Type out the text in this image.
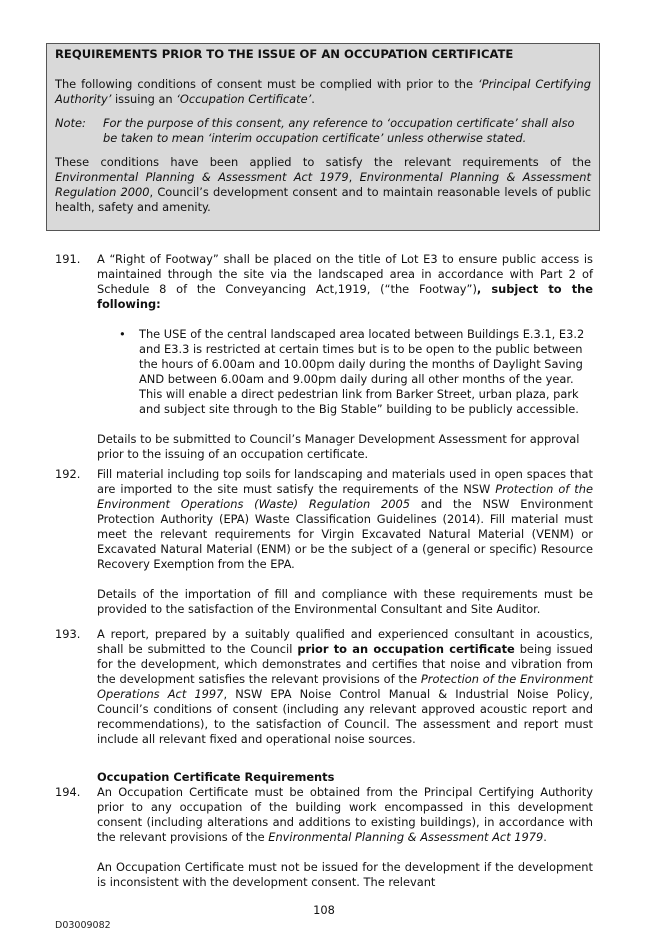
REQUIREMENTS PRIOR TO THE ISSUE OF AN OCCUPATION CERTIFICATE

The following conditions of consent must be complied with prior to the ‘Principal Certifying Authority’ issuing an ‘Occupation Certificate’.

Note:	For the purpose of this consent, any reference to ‘occupation certificate’ shall also be taken to mean ‘interim occupation certificate’ unless otherwise stated.

These conditions have been applied to satisfy the relevant requirements of the Environmental Planning & Assessment Act 1979, Environmental Planning & Assessment Regulation 2000, Council’s development consent and to maintain reasonable levels of public health, safety and amenity.

191.	A “Right of Footway” shall be placed on the title of Lot E3 to ensure public access is maintained through the site via the landscaped area in accordance with Part 2 of Schedule 8 of the Conveyancing Act,1919, (“the Footway”), subject to the following:

• The USE of the central landscaped area located between Buildings E.3.1, E3.2 and E3.3 is restricted at certain times but is to be open to the public between the hours of 6.00am and 10.00pm daily during the months of Daylight Saving AND between 6.00am and 9.00pm daily during all other months of the year. This will enable a direct pedestrian link from Barker Street, urban plaza, park and subject site through to the Big Stable” building to be publicly accessible.

Details to be submitted to Council’s Manager Development Assessment for approval prior to the issuing of an occupation certificate.

192.	Fill material including top soils for landscaping and materials used in open spaces that are imported to the site must satisfy the requirements of the NSW Protection of the Environment Operations (Waste) Regulation 2005 and the NSW Environment Protection Authority (EPA) Waste Classification Guidelines (2014). Fill material must meet the relevant requirements for Virgin Excavated Natural Material (VENM) or Excavated Natural Material (ENM) or be the subject of a (general or specific) Resource Recovery Exemption from the EPA.

Details of the importation of fill and compliance with these requirements must be provided to the satisfaction of the Environmental Consultant and Site Auditor.

193.	A report, prepared by a suitably qualified and experienced consultant in acoustics, shall be submitted to the Council prior to an occupation certificate being issued for the development, which demonstrates and certifies that noise and vibration from the development satisfies the relevant provisions of the Protection of the Environment Operations Act 1997, NSW EPA Noise Control Manual & Industrial Noise Policy, Council’s conditions of consent (including any relevant approved acoustic report and recommendations), to the satisfaction of Council. The assessment and report must include all relevant fixed and operational noise sources.

Occupation Certificate Requirements
194.	An Occupation Certificate must be obtained from the Principal Certifying Authority prior to any occupation of the building work encompassed in this development consent (including alterations and additions to existing buildings), in accordance with the relevant provisions of the Environmental Planning & Assessment Act 1979.

An Occupation Certificate must not be issued for the development if the development is inconsistent with the development consent. The relevant

108
D03009082
